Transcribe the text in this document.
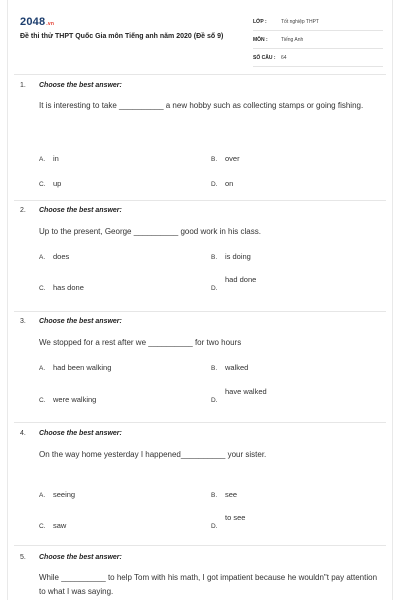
2048.vn
Đề thi thử THPT Quốc Gia môn Tiếng anh năm 2020 (Đề số 9)
LỚP :	Tốt nghiệp THPT
MÔN :	Tiếng Anh
SỐ CÂU : 64
1. Choose the best answer:
It is interesting to take __________ a new hobby such as collecting stamps or going fishing.
A. in	B. over
C. up	D. on
2. Choose the best answer:
Up to the present, George __________ good work in his class.
A. does	B. is doing
C. has done	D.
had done
3. Choose the best answer:
We stopped for a rest after we __________ for two hours
A. had been walking	B. walked
C. were walking	D.
have walked
4. Choose the best answer:
On the way home yesterday I happened__________ your sister.
A. seeing	B. see
C. saw	D.
to see
5. Choose the best answer:
While __________ to help Tom with his math, I got impatient because he wouldn"t pay attention to what I was saying.
